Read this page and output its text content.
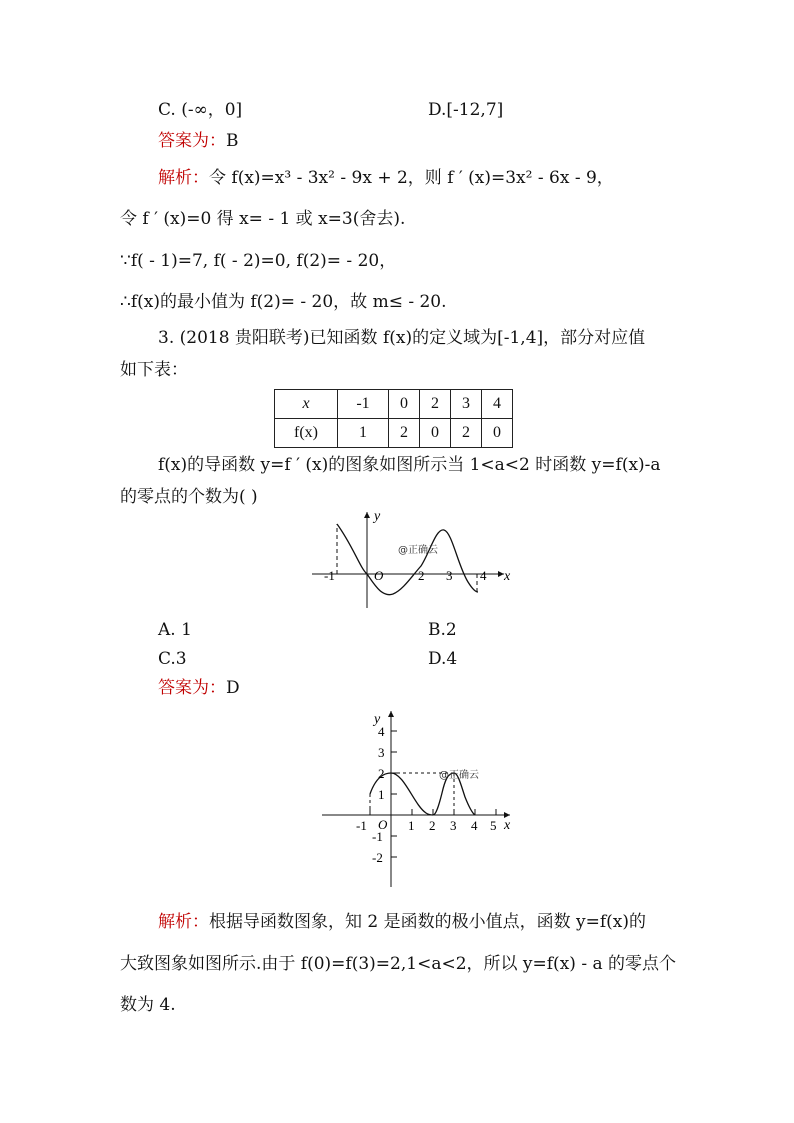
C. (-∞，0]	D.[-12,7]
答案为：B
解析：令 f(x)=x³ - 3x² - 9x + 2，则 f ′ (x)=3x² - 6x - 9，
令 f ′ (x)=0 得 x= - 1 或 x=3(舍去).
∵f( - 1)=7, f( - 2)=0, f(2)= - 20，
∴f(x)的最小值为 f(2)= - 20，故 m≤ - 20.
3. (2018 贵阳联考)已知函数 f(x)的定义域为[-1,4]，部分对应值
如下表：
x	-1	0	2	3	4
f(x)	1	2	0	2	0
f(x)的导函数 y=f ′ (x)的图象如图所示当 1<a<2 时函数 y=f(x)-a
的零点的个数为( )
y
x
O
-1	2 3 4
@正确云
A. 1	B.2
C.3	D.4
答案为：D
y
x
O
4
3
2
1
-1
-2
-1	1 2 3 4 5
@正确云
解析：根据导函数图象，知 2 是函数的极小值点，函数 y=f(x)的
大致图象如图所示.由于 f(0)=f(3)=2,1<a<2，所以 y=f(x) - a 的零点个
数为 4.
